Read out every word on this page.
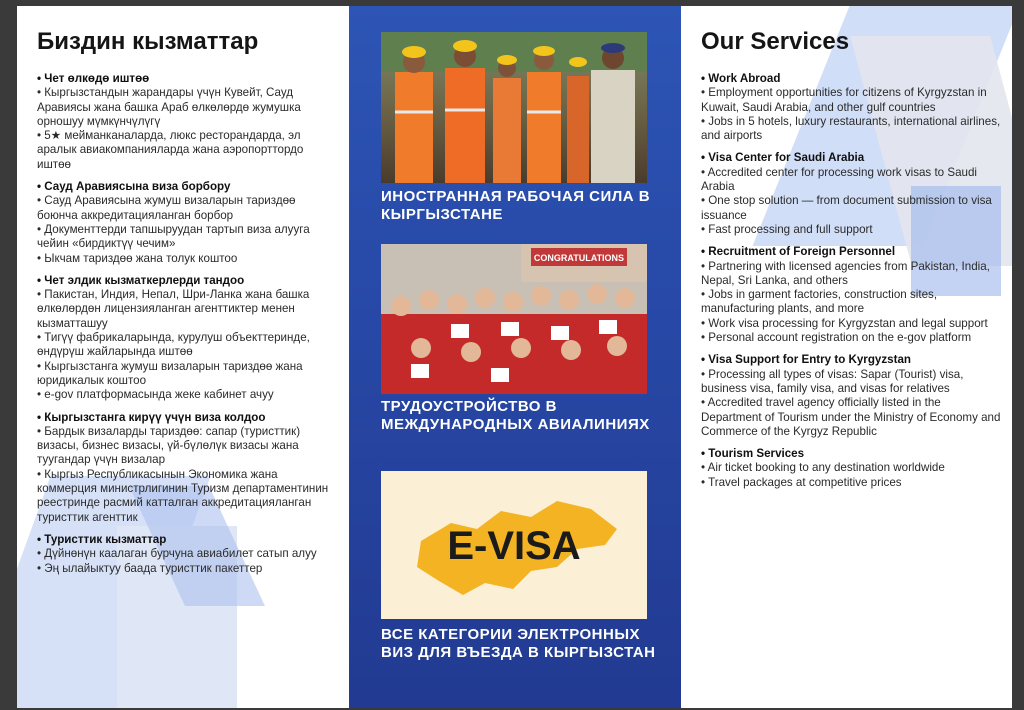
Биздин кызматтар
• Чет өлкөдө иштөө
• Кыргызстандын жарандары үчүн Кувейт, Сауд Аравиясы жана башка Араб өлкөлөрдө жумушка орношуу мүмкүнчүлүгү
• 5★ мейманканаларда, люкс ресторандарда, эл аралык авиакомпанияларда жана аэропорттордо иштөө
• Сауд Аравиясына виза борбору
• Сауд Аравиясына жумуш визаларын тариздөө боюнча аккредитацияланган борбор
• Документтерди тапшыруудан тартып виза алууга чейин «бирдиктүү чечим»
• Ыкчам тариздөө жана толук коштоо
• Чет элдик кызматкерлерди тандоо
• Пакистан, Индия, Непал, Шри-Ланка жана башка өлкөлөрдөн лицензияланган агенттиктер менен кызматташуу
• Тигүү фабрикаларында, курулуш объекттеринде, өндүрүш жайларында иштөө
• Кыргызстанга жумуш визаларын тариздөө жана юридикалык коштоо
• e-gov платформасында жеке кабинет ачуу
• Кыргызстанга кирүү үчүн виза колдоо
• Бардык визаларды тариздөө: сапар (туристтик) визасы, бизнес визасы, үй-бүлөлүк визасы жана туугандар үчүн визалар
• Кыргыз Республикасынын Экономика жана коммерция министрлигинин Туризм департаментинин реестринде расмий катталган аккредитацияланган туристтик агенттик
• Туристтик кызматтар
• Дүйнөнүн каалаган бурчуна авиабилет сатып алуу
• Эң ылайыктуу баада туристтик пакеттер
ИНОСТРАННАЯ РАБОЧАЯ СИЛА В КЫРГЫЗСТАНЕ
CONGRATULATIONS
ТРУДОУСТРОЙСТВО В МЕЖДУНАРОДНЫХ АВИАЛИНИЯХ
E-VISA
ВСЕ КАТЕГОРИИ ЭЛЕКТРОННЫХ ВИЗ ДЛЯ ВЪЕЗДА В КЫРГЫЗСТАН
Our Services
• Work Abroad
• Employment opportunities for citizens of Kyrgyzstan in Kuwait, Saudi Arabia, and other gulf countries
• Jobs in 5 hotels, luxury restaurants, international airlines, and airports
• Visa Center for Saudi Arabia
• Accredited center for processing work visas to Saudi Arabia
• One stop solution — from document submission to visa issuance
• Fast processing and full support
• Recruitment of Foreign Personnel
• Partnering with licensed agencies from Pakistan, India, Nepal, Sri Lanka, and others
• Jobs in garment factories, construction sites, manufacturing plants, and more
• Work visa processing for Kyrgyzstan and legal support
• Personal account registration on the e-gov platform
• Visa Support for Entry to Kyrgyzstan
• Processing all types of visas: Sapar (Tourist) visa, business visa, family visa, and visas for relatives
• Accredited travel agency officially listed in the Department of Tourism under the Ministry of Economy and Commerce of the Kyrgyz Republic
• Tourism Services
• Air ticket booking to any destination worldwide
• Travel packages at competitive prices
